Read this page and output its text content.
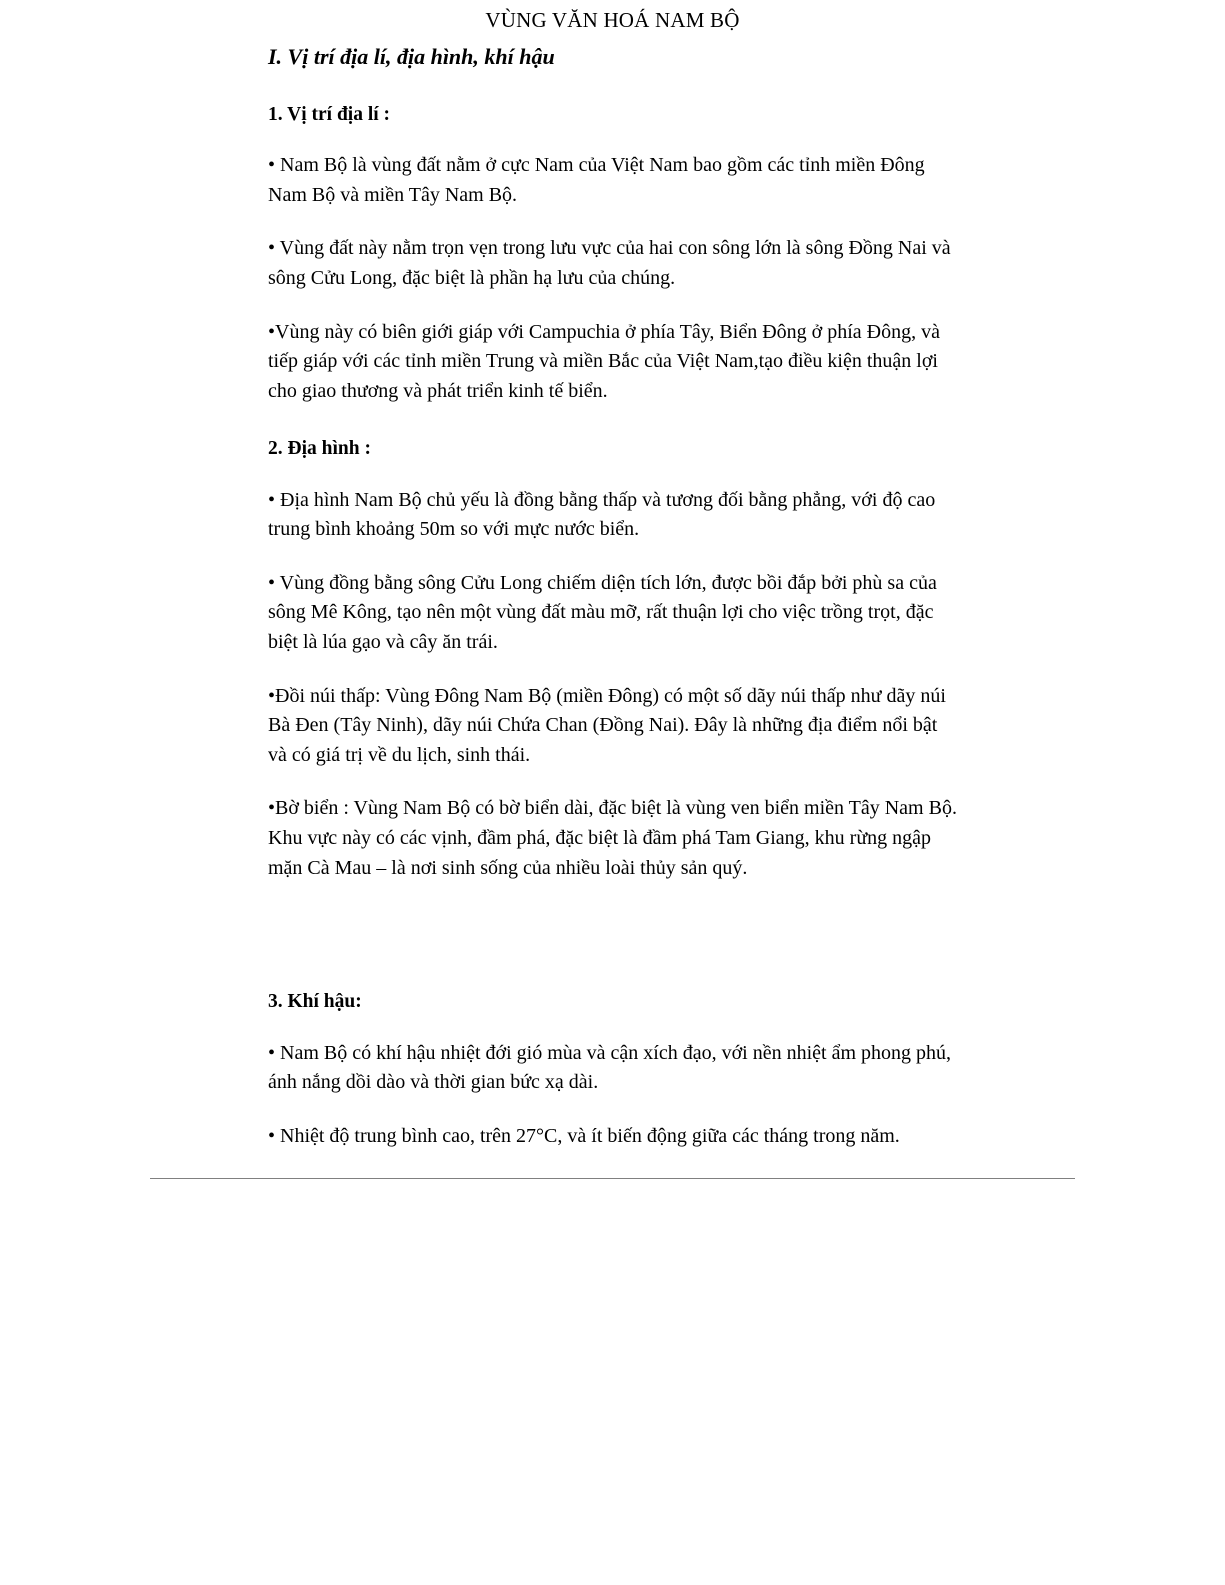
VÙNG VĂN HOÁ NAM BỘ
I. Vị trí địa lí, địa hình, khí hậu
1. Vị trí địa lí :

• Nam Bộ là vùng đất nằm ở cực Nam của Việt Nam bao gồm các tỉnh miền Đông Nam Bộ và miền Tây Nam Bộ.

• Vùng đất này nằm trọn vẹn trong lưu vực của hai con sông lớn là sông Đồng Nai và sông Cửu Long, đặc biệt là phần hạ lưu của chúng.

•Vùng này có biên giới giáp với Campuchia ở phía Tây, Biển Đông ở phía Đông, và tiếp giáp với các tỉnh miền Trung và miền Bắc của Việt Nam,tạo điều kiện thuận lợi cho giao thương và phát triển kinh tế biển.

2. Địa hình :

• Địa hình Nam Bộ chủ yếu là đồng bằng thấp và tương đối bằng phẳng, với độ cao trung bình khoảng 50m so với mực nước biển.

• Vùng đồng bằng sông Cửu Long chiếm diện tích lớn, được bồi đắp bởi phù sa của sông Mê Kông, tạo nên một vùng đất màu mỡ, rất thuận lợi cho việc trồng trọt, đặc biệt là lúa gạo và cây ăn trái.

•Đồi núi thấp: Vùng Đông Nam Bộ (miền Đông) có một số dãy núi thấp như dãy núi Bà Đen (Tây Ninh), dãy núi Chứa Chan (Đồng Nai). Đây là những địa điểm nổi bật và có giá trị về du lịch, sinh thái.

•Bờ biển : Vùng Nam Bộ có bờ biển dài, đặc biệt là vùng ven biển miền Tây Nam Bộ. Khu vực này có các vịnh, đầm phá, đặc biệt là đầm phá Tam Giang, khu rừng ngập mặn Cà Mau – là nơi sinh sống của nhiều loài thủy sản quý.

3. Khí hậu:

• Nam Bộ có khí hậu nhiệt đới gió mùa và cận xích đạo, với nền nhiệt ẩm phong phú, ánh nắng dồi dào và thời gian bức xạ dài.

• Nhiệt độ trung bình cao, trên 27°C, và ít biến động giữa các tháng trong năm.
